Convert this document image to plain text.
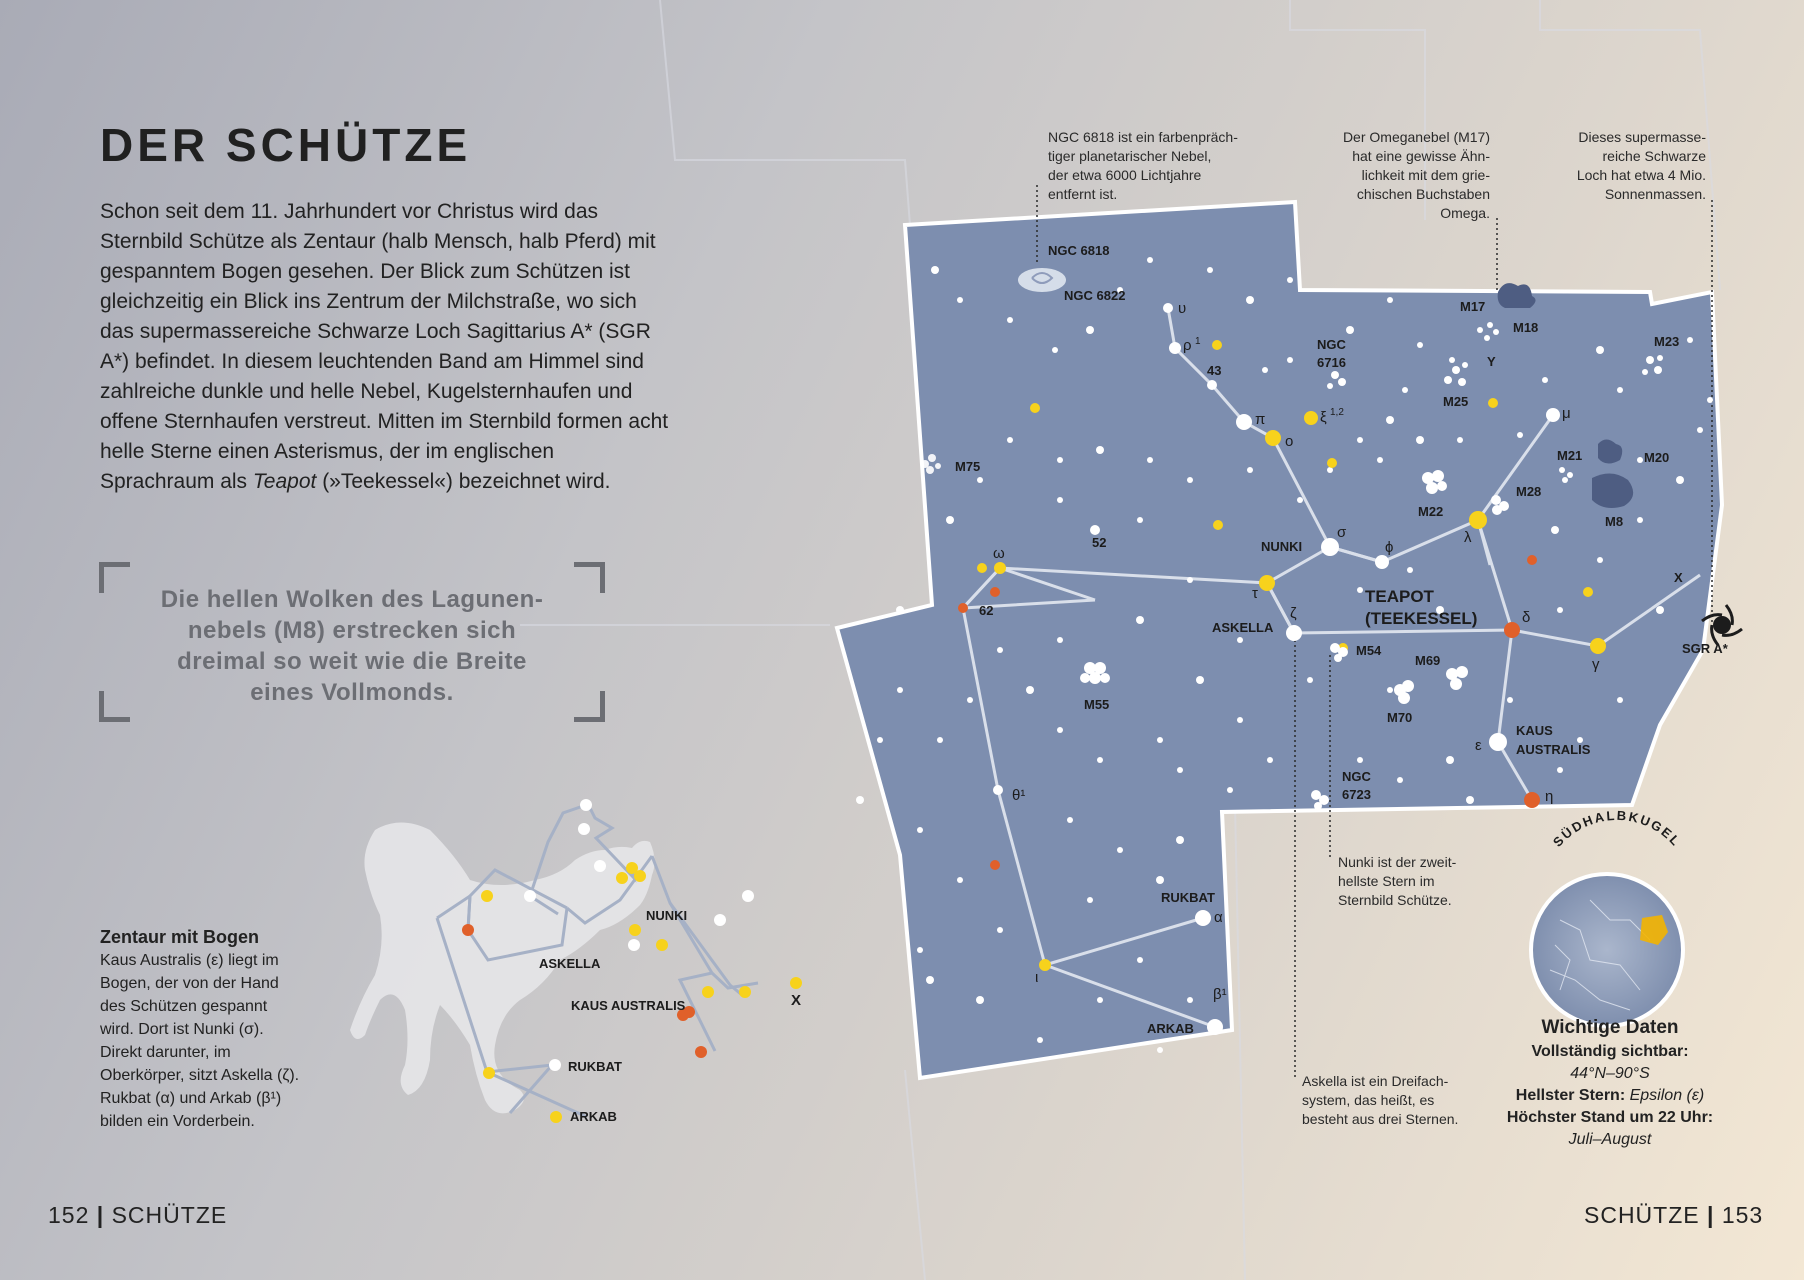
DER SCHÜTZE
Schon seit dem 11. Jahrhundert vor Christus wird das Sternbild Schütze als Zentaur (halb Mensch, halb Pferd) mit gespanntem Bogen gesehen. Der Blick zum Schützen ist gleichzeitig ein Blick ins Zentrum der Milchstraße, wo sich das supermassereiche Schwarze Loch Sagittarius A* (SGR A*) befindet. In diesem leuchtenden Band am Himmel sind zahlreiche dunkle und helle Nebel, Kugelsternhaufen und offene Sternhaufen verstreut. Mitten im Sternbild formen acht helle Sterne einen Asterismus, der im englischen Sprachraum als Teapot (»Teekessel«) bezeichnet wird.
Die hellen Wolken des Lagunen-
nebels (M8) erstrecken sich
dreimal so weit wie die Breite
eines Vollmonds.
Zentaur mit Bogen
Kaus Australis (ε) liegt im Bogen, der von der Hand des Schützen gespannt wird. Dort ist Nunki (σ). Direkt darunter, im Oberkörper, sitzt Askella (ζ). Rukbat (α) und Arkab (β¹) bilden ein Vorderbein.
152 | SCHÜTZE	SCHÜTZE | 153
NGC 6818
NGC 6822
NGC
6716
NGC
6723
M17
M18
M23
M25
M21	M20
M8
M22
M28
M75
M55
M54
M69
M70
Y
X
SGR A*
NUNKI
ASKELLA
TEAPOT
(TEEKESSEL)
KAUS
AUSTRALIS
RUKBAT
ARKAB
52
62
43
υ
ρ 1
π	ξ 1,2
ο
σ
ϕ
τ
ζ
λ
μ
δ
γ
ε
η
ω
θ¹
α
β¹
ι
NUNKI
ASKELLA
KAUS AUSTRALIS
RUKBAT
ARKAB
X
SÜDHALBKUGEL
NGC 6818 ist ein farbenpräch-
tiger planetarischer Nebel,
der etwa 6000 Lichtjahre
entfernt ist.
Der Omeganebel (M17)
hat eine gewisse Ähn-
lichkeit mit dem grie-
chischen Buchstaben
Omega.
Dieses supermasse-
reiche Schwarze
Loch hat etwa 4 Mio.
Sonnenmassen.
Nunki ist der zweit-
hellste Stern im
Sternbild Schütze.
Askella ist ein Dreifach-
system, das heißt, es
besteht aus drei Sternen.
Wichtige Daten
Vollständig sichtbar:
44°N–90°S
Hellster Stern: Epsilon (ε)
Höchster Stand um 22 Uhr:
Juli–August
